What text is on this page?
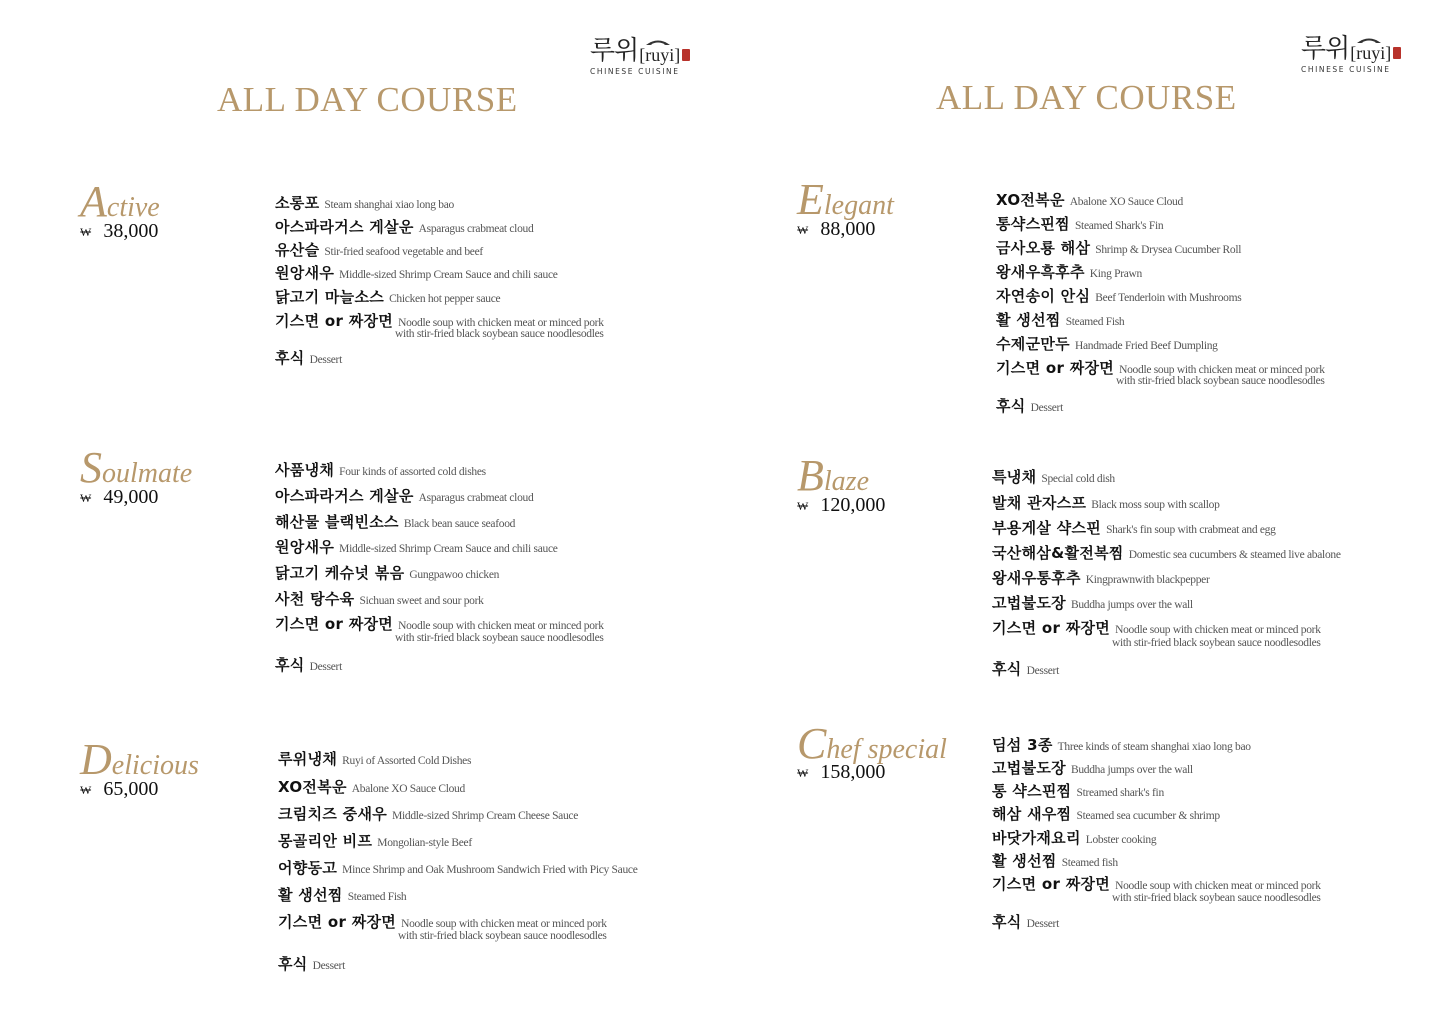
루위 [ruyi]
CHINESE CUISINE
ALL DAY COURSE
Active
₩ 38,000
소롱포 Steam shanghai xiao long bao
아스파라거스 게살운 Asparagus crabmeat cloud
유산슬 Stir-fried seafood vegetable and beef
원앙새우 Middle-sized Shrimp Cream Sauce and chili sauce
닭고기 마늘소스 Chicken hot pepper sauce
기스면 or 짜장면 Noodle soup with chicken meat or minced pork
with stir-fried black soybean sauce noodlesodles
후식 Dessert
Soulmate
₩ 49,000
사품냉채 Four kinds of assorted cold dishes
아스파라거스 게살운 Asparagus crabmeat cloud
해산물 블랙빈소스 Black bean sauce seafood
원앙새우 Middle-sized Shrimp Cream Sauce and chili sauce
닭고기 케슈넛 볶음 Gungpawoo chicken
사천 탕수육 Sichuan sweet and sour pork
기스면 or 짜장면 Noodle soup with chicken meat or minced pork
with stir-fried black soybean sauce noodlesodles
후식 Dessert
Delicious
₩ 65,000
루위냉채 Ruyi of Assorted Cold Dishes
XO전복운 Abalone XO Sauce Cloud
크림치즈 중새우 Middle-sized Shrimp Cream Cheese Sauce
몽골리안 비프 Mongolian-style Beef
어향동고 Mince Shrimp and Oak Mushroom Sandwich Fried with Picy Sauce
활 생선찜 Steamed Fish
기스면 or 짜장면 Noodle soup with chicken meat or minced pork
with stir-fried black soybean sauce noodlesodles
후식 Dessert
루위 [ruyi]
CHINESE CUISINE
ALL DAY COURSE
Elegant
₩ 88,000
XO전복운 Abalone XO Sauce Cloud
통샥스핀찜 Steamed Shark's Fin
금사오룡 해삼 Shrimp & Drysea Cucumber Roll
왕새우흑후추 King Prawn
자연송이 안심 Beef Tenderloin with Mushrooms
활 생선찜 Steamed Fish
수제군만두 Handmade Fried Beef Dumpling
기스면 or 짜장면 Noodle soup with chicken meat or minced pork
with stir-fried black soybean sauce noodlesodles
후식 Dessert
Blaze
₩ 120,000
특냉채 Special cold dish
발채 관자스프 Black moss soup with scallop
부용게살 샥스핀 Shark's fin soup with crabmeat and egg
국산해삼&활전복찜 Domestic sea cucumbers & steamed live abalone
왕새우통후추 Kingprawnwith blackpepper
고법불도장 Buddha jumps over the wall
기스면 or 짜장면 Noodle soup with chicken meat or minced pork
with stir-fried black soybean sauce noodlesodles
후식 Dessert
Chef special
₩ 158,000
딤섬 3종 Three kinds of steam shanghai xiao long bao
고법불도장 Buddha jumps over the wall
통 샥스핀찜 Streamed shark's fin
해삼 새우찜 Steamed sea cucumber & shrimp
바닷가재요리 Lobster cooking
활 생선찜 Steamed fish
기스면 or 짜장면 Noodle soup with chicken meat or minced pork
with stir-fried black soybean sauce noodlesodles
후식 Dessert
